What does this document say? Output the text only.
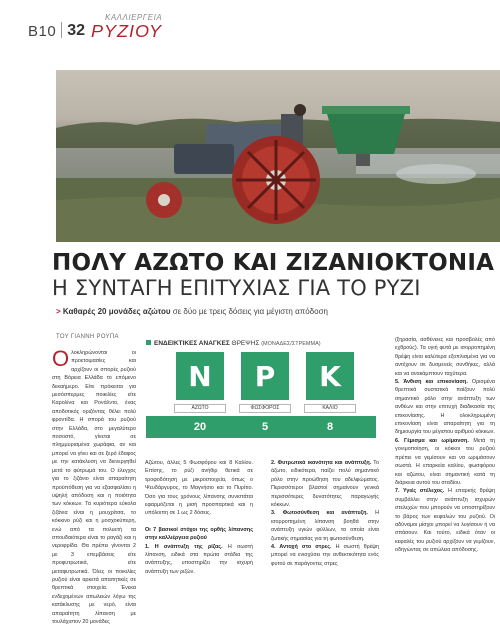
B10 32
ΚΑΛΛΙΕΡΓΕΙΑ
ΡΥΖΙΟΥ
ΠΟΛΥ ΑΖΩΤΟ ΚΑΙ ΖΙΖΑΝΙΟΚΤΟΝΙΑ
Η ΣΥΝΤΑΓΗ ΕΠΙΤΥΧΙΑΣ ΓΙΑ ΤΟ ΡΥΖΙ
> Καθαρές 20 μονάδες αζώτου σε δύο με τρεις δόσεις για μέγιστη απόδοση
ΤΟΥ ΓΙΑΝΝΗ ΡΟΥΠΑ

Ολοκληρώνονται οι προετοιμασίες και αρχίζουν οι σπορές ρυζιού στη Βόρεια Ελλάδα το επόμενο δεκαήμερο. Είτε πρόκειται για μεσόσπερμες ποικιλίες είτε Καρολίνα και Ρονάλντο, ένας αποδοτικός οριζόντας θέλει πολύ φροντίδα. Η σπορά του ρυζιού στην Ελλάδα, στο μεγαλύτερο ποσοστό, γίνεται σε πλημμυρισμένα χωράφια, αν και μπορεί να γίνει και σε ξερό έδαφος με την κατάκλυση να διενεργηθεί μετά το φύτρωμά του. Ο έλεγχος για το ζιζάνιο είναι απαραίτητη προϋπόθεση για να εξασφαλίσει η υψηλή απόδοση και η ποιότητα των κόκκων. Τα κυριότερα εύκολα ζιζάνια είναι η μουχρίτσα, το κόκκινο ρύζι και η μοσχοκύπερη, ενώ από τα πολυετή τα σπουδαιότερα είναι το ραγάζι και η νεροφρίδα. Θα πρέπει γίνονται 2 με 3 επεμβάσεις είτε προφυτρωτικά, είτε μεταφυτρωτικά. Όλες οι ποικιλίες ρυζιού είναι αρκετά απαιτητικές σε θρεπτικά στοιχεία. Ένεκα ενδεχομένων απωλειών λόγω της κατάκλυσης με νερό, είναι απαραίτητη λίπανση με τουλάχιστον 20 μονάδες

ΕΝΔΕΙΚΤΙΚΕΣ ΑΝΑΓΚΕΣ ΘΡΕΨΗΣ (ΜΟΝΑΔΕΣ/ΣΤΡΕΜΜΑ)
N	P	K
ΑΖΩΤΟ	ΦΩΣΦΟΡΟΣ	ΚΑΛΙΟ
20	5	8

Αζώτου, άλλες 5 Φωσφόρου και 8 Καλίου. Επίσης, το ρύζι ανήθιρ θετικά σε τροφοδότηση με μικροστοιχεία, όπως ο Ψευδάργυρος, το Μαγνήσιο και το Πυρίτιο. Όσο για τους χρόνους λίπανσης συνιστάται εφαρμόζεται η μισή προσπαρτικά και η υπόλοιπη σε 1 ως 2 δόσεις.

Οι 7 βασικοί στόχοι της ορθής λίπανσης στην καλλιέργεια ρυζιού

1. Η ανάπτυξη της ρίζας. Η σωστή λίπανση, ειδικά στα πρώτα στάδια της ανάπτυξης, υποστηρίζει την ισχυρή ανάπτυξη των ριζών.

2. Φυτρωτικά ικανότητα και ανάπτυξη. Το άζωτο, ειδικότερα, παίζει πολύ σημαντικό ρόλο στην προώθηση του αδελφώματος. Περισσότεροι βλαστοί σημαίνουν γενικά περισσότερες δυνατότητες παραγωγής κόκκων.

3. Φωτοσύνθεση και ανάπτυξη. Η ισορροπημένη λίπανση βοηθά στην ανάπτυξη υγιών φύλλων, τα οποία είναι ζωτικής σημασίας για τη φωτοσύνθεση.

4. Αντοχή στο στρες. Η σωστή θρέψη μπορεί να ενισχύσει την ανθεκτικότητα ενός φυτού σε παράγοντες στρες

(ξηρασία, ασθένειες και προσβολές από εχθρούς). Τα υγιή φυτά με ισορροπημένη θρέψη είναι καλύτερα εξοπλισμένα για να αντέχουν σε δυσμενείς συνθήκες, αλλά και να ανακάμπτουν ταχύτερα.

5. Άνθιση και επικονίαση. Ορισμένα θρεπτικά συστατικά παίζουν πολύ σημαντικό ρόλο στην ανάπτυξη των ανθέων και στην επιτυχή διαδικασία της επικονίασης. Η ολοκληρωμένη επικονίαση είναι απαραίτητη για τη δημιουργία του μέγιστου αριθμού κόκκων.

6. Γέμισμα και ωρίμανση. Μετά τη γονιμοποίηση, οι κόκκοι του ρυζιού πρέπει να γεμίσουν και να ωριμάσουν σωστά. Η επαρκεία καλίου, φωσφόρου και αζώτου, είναι σημαντική κατά τη διάρκεια αυτού του σταδίου.

7. Υγιές στέλεχος. Η επαρκής θρέψη συμβάλλει στην ανάπτυξη ισχυρών στελεχών που μπορούν να υποστηρίξουν το βάρος των κεφαλών του ρυζιού. Οι αδύναμοι μίσχοι μπορεί να λυγίσουν ή να σπάσουν. Και τούτο, ειδικά όταν οι κεφαλές του ρυζιού αρχίζουν να γεμίζουν, οδηγώντας σε απώλεια απόδοσης.
